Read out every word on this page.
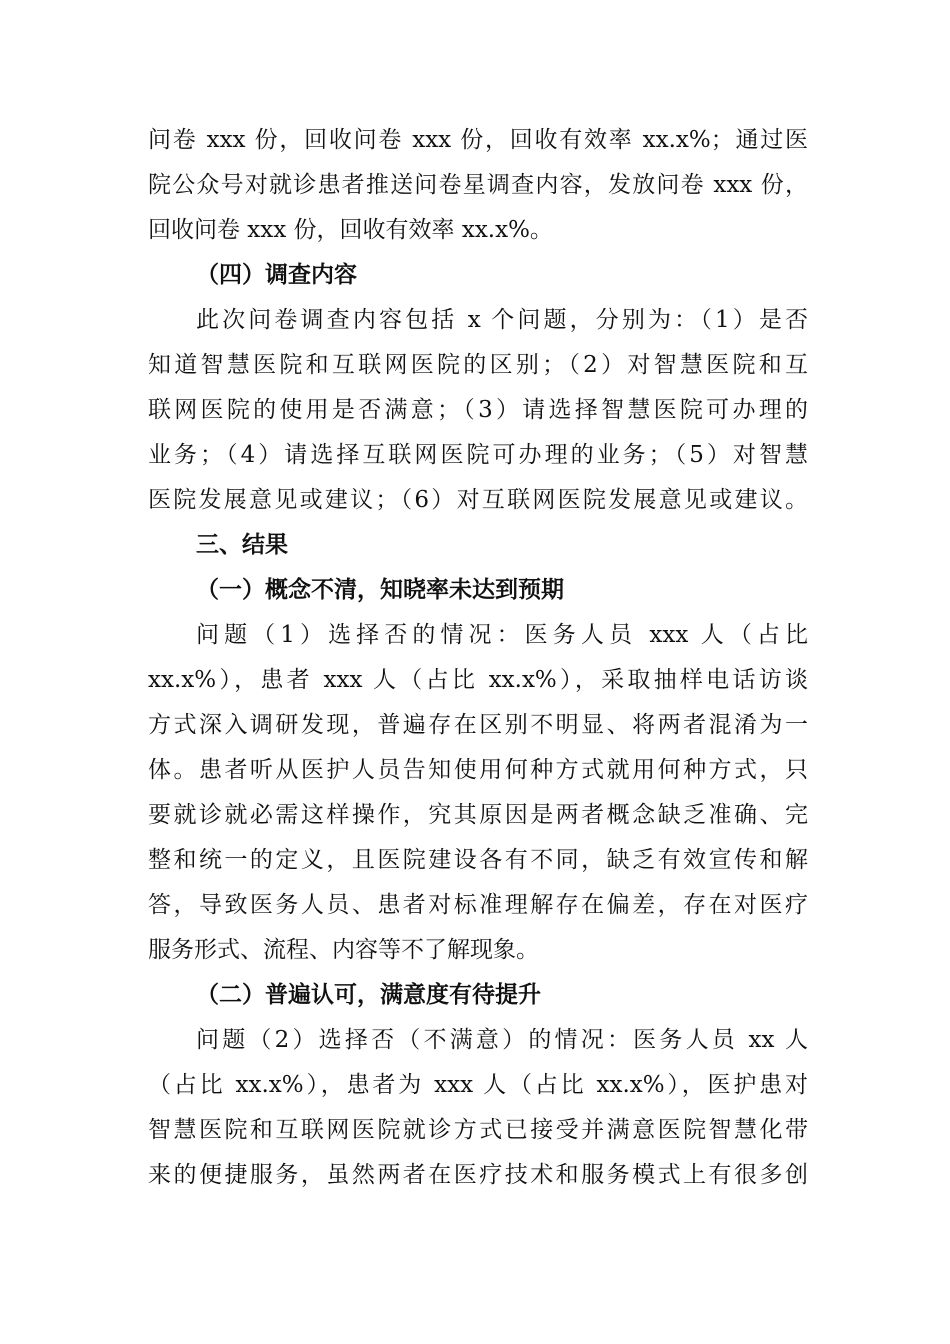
问卷 xxx 份，回收问卷 xxx 份，回收有效率 xx.x%；通过医
院公众号对就诊患者推送问卷星调查内容，发放问卷 xxx 份，
回收问卷 xxx 份，回收有效率 xx.x%。
（四）调查内容
此次问卷调查内容包括 x 个问题，分别为：（1）是否
知道智慧医院和互联网医院的区别；（2）对智慧医院和互
联网医院的使用是否满意；（3）请选择智慧医院可办理的
业务；（4）请选择互联网医院可办理的业务；（5）对智慧
医院发展意见或建议；（6）对互联网医院发展意见或建议。
三、结果
（一）概念不清，知晓率未达到预期
问题（1）选择否的情况：医务人员 xxx 人（占比
xx.x%），患者 xxx 人（占比 xx.x%），采取抽样电话访谈
方式深入调研发现，普遍存在区别不明显、将两者混淆为一
体。患者听从医护人员告知使用何种方式就用何种方式，只
要就诊就必需这样操作，究其原因是两者概念缺乏准确、完
整和统一的定义，且医院建设各有不同，缺乏有效宣传和解
答，导致医务人员、患者对标准理解存在偏差，存在对医疗
服务形式、流程、内容等不了解现象。
（二）普遍认可，满意度有待提升
问题（2）选择否（不满意）的情况：医务人员 xx 人
（占比 xx.x%），患者为 xxx 人（占比 xx.x%），医护患对
智慧医院和互联网医院就诊方式已接受并满意医院智慧化带
来的便捷服务，虽然两者在医疗技术和服务模式上有很多创
